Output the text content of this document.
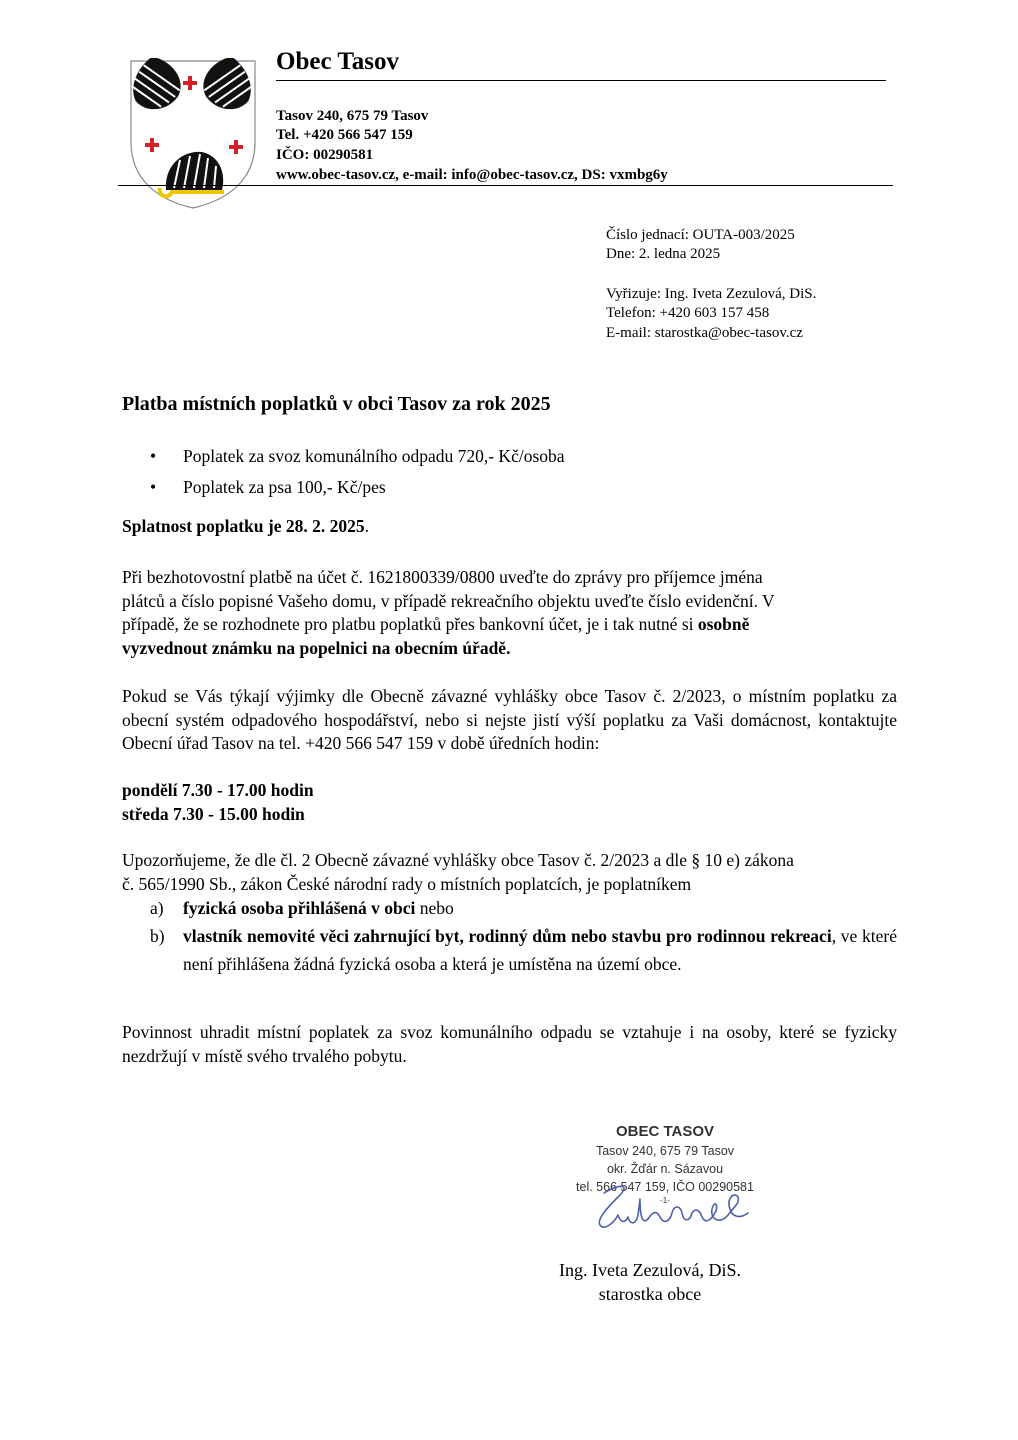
Obec Tasov
Tasov 240, 675 79 Tasov
Tel. +420 566 547 159
IČO: 00290581
www.obec-tasov.cz, e-mail: info@obec-tasov.cz, DS: vxmbg6y
Číslo jednací: OUTA-003/2025
Dne: 2. ledna 2025
Vyřizuje: Ing. Iveta Zezulová, DiS.
Telefon: +420 603 157 458
E-mail: starostka@obec-tasov.cz
Platba místních poplatků v obci Tasov za rok 2025
• Poplatek za svoz komunálního odpadu 720,- Kč/osoba
• Poplatek za psa 100,- Kč/pes
Splatnost poplatku je 28. 2. 2025.
Při bezhotovostní platbě na účet č. 1621800339/0800 uveďte do zprávy pro příjemce jména
plátců a číslo popisné Vašeho domu, v případě rekreačního objektu uveďte číslo evidenční. V
případě, že se rozhodnete pro platbu poplatků přes bankovní účet, je i tak nutné si osobně
vyzvednout známku na popelnici na obecním úřadě.
Pokud se Vás týkají výjimky dle Obecně závazné vyhlášky obce Tasov č. 2/2023, o místním poplatku za obecní systém odpadového hospodářství, nebo si nejste jistí výší poplatku za Vaši domácnost, kontaktujte Obecní úřad Tasov na tel. +420 566 547 159 v době úředních hodin:
pondělí 7.30 - 17.00 hodin
středa 7.30 - 15.00 hodin
Upozorňujeme, že dle čl. 2 Obecně závazné vyhlášky obce Tasov č. 2/2023 a dle § 10 e) zákona
č. 565/1990 Sb., zákon České národní rady o místních poplatcích, je poplatníkem
a) fyzická osoba přihlášená v obci nebo
b) vlastník nemovité věci zahrnující byt, rodinný dům nebo stavbu pro rodinnou rekreaci, ve které není přihlášena žádná fyzická osoba a která je umístěna na území obce.
Povinnost uhradit místní poplatek za svoz komunálního odpadu se vztahuje i na osoby, které se fyzicky nezdržují v místě svého trvalého pobytu.
OBEC TASOV
Tasov 240, 675 79 Tasov
okr. Žďár n. Sázavou
tel. 566 547 159, IČO 00290581
-1-
Ing. Iveta Zezulová, DiS.
starostka obce
